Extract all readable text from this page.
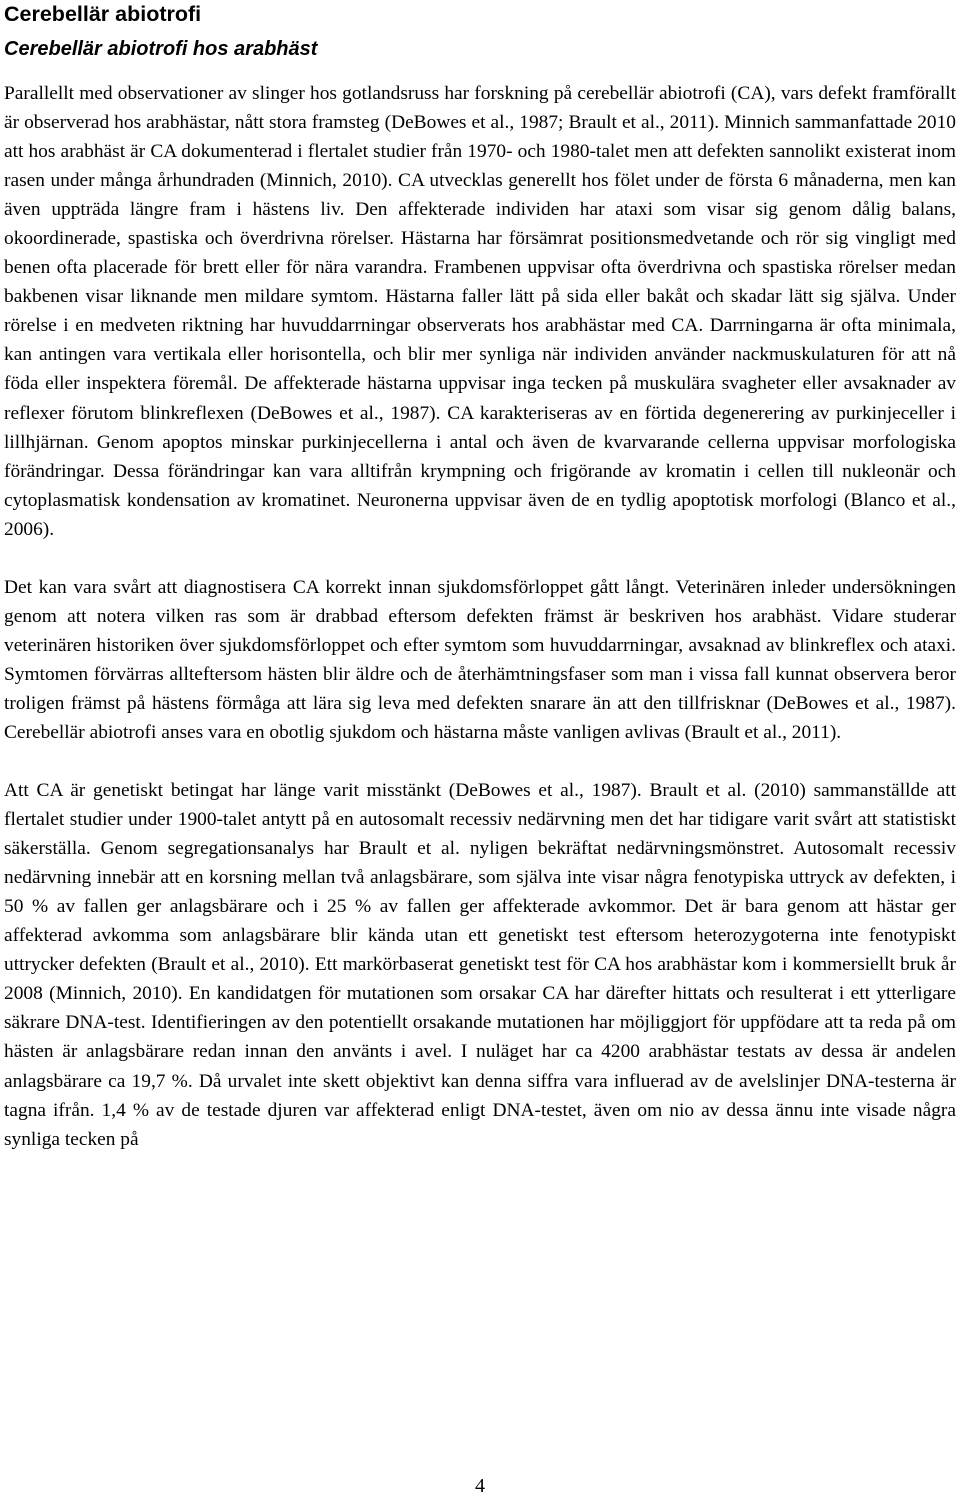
Cerebellär abiotrofi
Cerebellär abiotrofi hos arabhäst

Parallellt med observationer av slinger hos gotlandsruss har forskning på cerebellär abiotrofi (CA), vars defekt framförallt är observerad hos arabhästar, nått stora framsteg (DeBowes et al., 1987; Brault et al., 2011). Minnich sammanfattade 2010 att hos arabhäst är CA dokumenterad i flertalet studier från 1970- och 1980-talet men att defekten sannolikt existerat inom rasen under många århundraden (Minnich, 2010). CA utvecklas generellt hos fölet under de första 6 månaderna, men kan även uppträda längre fram i hästens liv. Den affekterade individen har ataxi som visar sig genom dålig balans, okoordinerade, spastiska och överdrivna rörelser. Hästarna har försämrat positionsmedvetande och rör sig vingligt med benen ofta placerade för brett eller för nära varandra. Frambenen uppvisar ofta överdrivna och spastiska rörelser medan bakbenen visar liknande men mildare symtom. Hästarna faller lätt på sida eller bakåt och skadar lätt sig själva. Under rörelse i en medveten riktning har huvuddarrningar observerats hos arabhästar med CA. Darrningarna är ofta minimala, kan antingen vara vertikala eller horisontella, och blir mer synliga när individen använder nackmuskulaturen för att nå föda eller inspektera föremål. De affekterade hästarna uppvisar inga tecken på muskulära svagheter eller avsaknader av reflexer förutom blinkreflexen (DeBowes et al., 1987). CA karakteriseras av en förtida degenerering av purkinjeceller i lillhjärnan. Genom apoptos minskar purkinjecellerna i antal och även de kvarvarande cellerna uppvisar morfologiska förändringar. Dessa förändringar kan vara alltifrån krympning och frigörande av kromatin i cellen till nukleonär och cytoplasmatisk kondensation av kromatinet. Neuronerna uppvisar även de en tydlig apoptotisk morfologi (Blanco et al., 2006).

Det kan vara svårt att diagnostisera CA korrekt innan sjukdomsförloppet gått långt. Veterinären inleder undersökningen genom att notera vilken ras som är drabbad eftersom defekten främst är beskriven hos arabhäst. Vidare studerar veterinären historiken över sjukdomsförloppet och efter symtom som huvuddarrningar, avsaknad av blinkreflex och ataxi. Symtomen förvärras allteftersom hästen blir äldre och de återhämtningsfaser som man i vissa fall kunnat observera beror troligen främst på hästens förmåga att lära sig leva med defekten snarare än att den tillfrisknar (DeBowes et al., 1987). Cerebellär abiotrofi anses vara en obotlig sjukdom och hästarna måste vanligen avlivas (Brault et al., 2011).

Att CA är genetiskt betingat har länge varit misstänkt (DeBowes et al., 1987). Brault et al. (2010) sammanställde att flertalet studier under 1900-talet antytt på en autosomalt recessiv nedärvning men det har tidigare varit svårt att statistiskt säkerställa. Genom segregationsanalys har Brault et al. nyligen bekräftat nedärvningsmönstret. Autosomalt recessiv nedärvning innebär att en korsning mellan två anlagsbärare, som själva inte visar några fenotypiska uttryck av defekten, i 50 % av fallen ger anlagsbärare och i 25 % av fallen ger affekterade avkommor. Det är bara genom att hästar ger affekterad avkomma som anlagsbärare blir kända utan ett genetiskt test eftersom heterozygoterna inte fenotypiskt uttrycker defekten (Brault et al., 2010). Ett markörbaserat genetiskt test för CA hos arabhästar kom i kommersiellt bruk år 2008 (Minnich, 2010). En kandidatgen för mutationen som orsakar CA har därefter hittats och resulterat i ett ytterligare säkrare DNA-test. Identifieringen av den potentiellt orsakande mutationen har möjliggjort för uppfödare att ta reda på om hästen är anlagsbärare redan innan den använts i avel. I nuläget har ca 4200 arabhästar testats av dessa är andelen anlagsbärare ca 19,7 %. Då urvalet inte skett objektivt kan denna siffra vara influerad av de avelslinjer DNA-testerna är tagna ifrån. 1,4 % av de testade djuren var affekterad enligt DNA-testet, även om nio av dessa ännu inte visade några synliga tecken på

4
